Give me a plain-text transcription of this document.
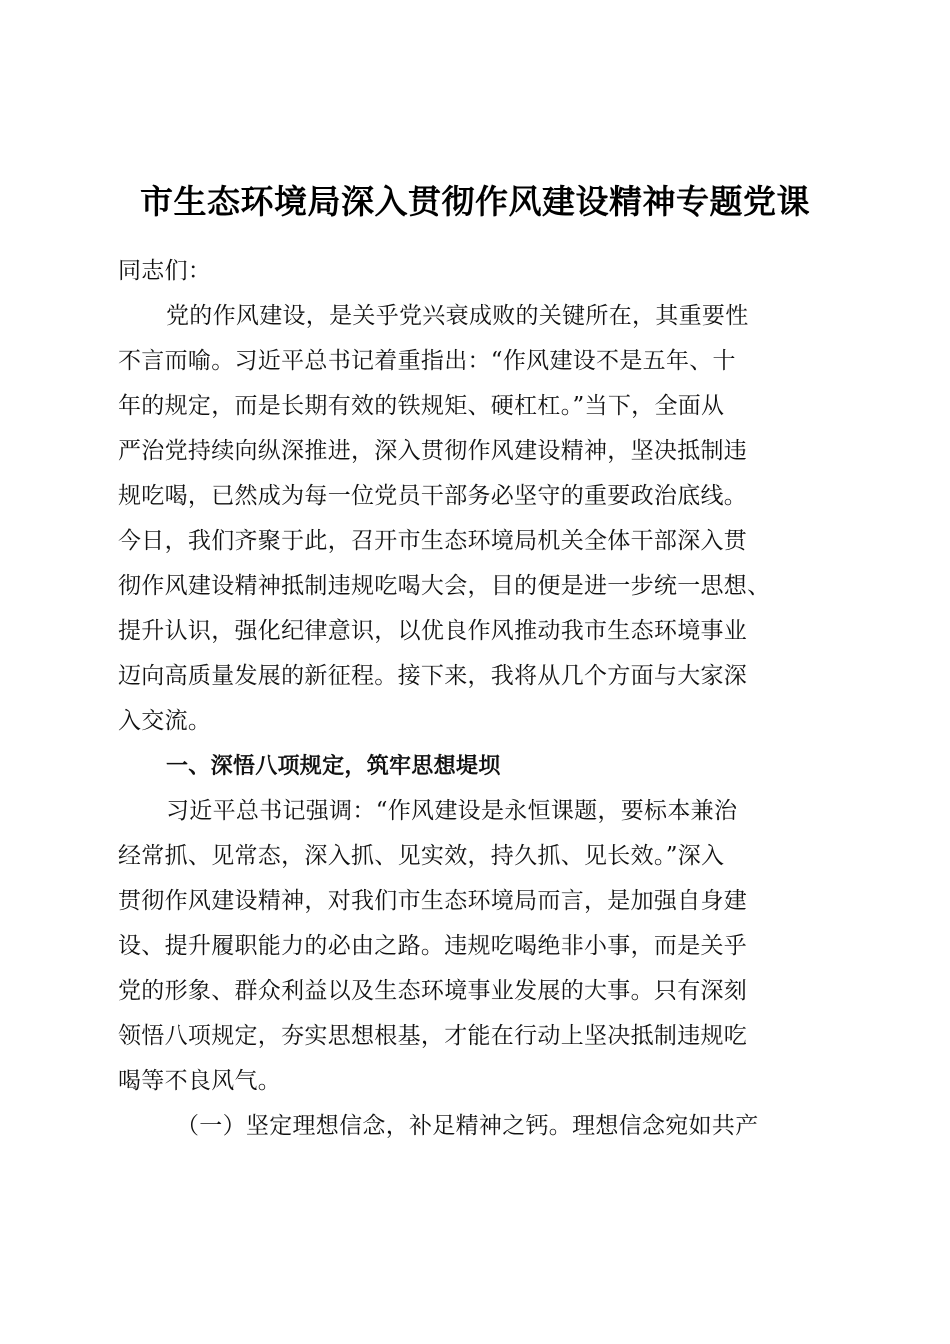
市生态环境局深入贯彻作风建设精神专题党课
同志们：
党的作风建设，是关乎党兴衰成败的关键所在，其重要性
不言而喻。习近平总书记着重指出：“作风建设不是五年、十
年的规定，而是长期有效的铁规矩、硬杠杠。”当下，全面从
严治党持续向纵深推进，深入贯彻作风建设精神，坚决抵制违
规吃喝，已然成为每一位党员干部务必坚守的重要政治底线。
今日，我们齐聚于此，召开市生态环境局机关全体干部深入贯
彻作风建设精神抵制违规吃喝大会，目的便是进一步统一思想、
提升认识，强化纪律意识，以优良作风推动我市生态环境事业
迈向高质量发展的新征程。接下来，我将从几个方面与大家深
入交流。
一、深悟八项规定，筑牢思想堤坝
习近平总书记强调：“作风建设是永恒课题，要标本兼治
经常抓、见常态，深入抓、见实效，持久抓、见长效。”深入
贯彻作风建设精神，对我们市生态环境局而言，是加强自身建
设、提升履职能力的必由之路。违规吃喝绝非小事，而是关乎
党的形象、群众利益以及生态环境事业发展的大事。只有深刻
领悟八项规定，夯实思想根基，才能在行动上坚决抵制违规吃
喝等不良风气。
（一）坚定理想信念，补足精神之钙。理想信念宛如共产
